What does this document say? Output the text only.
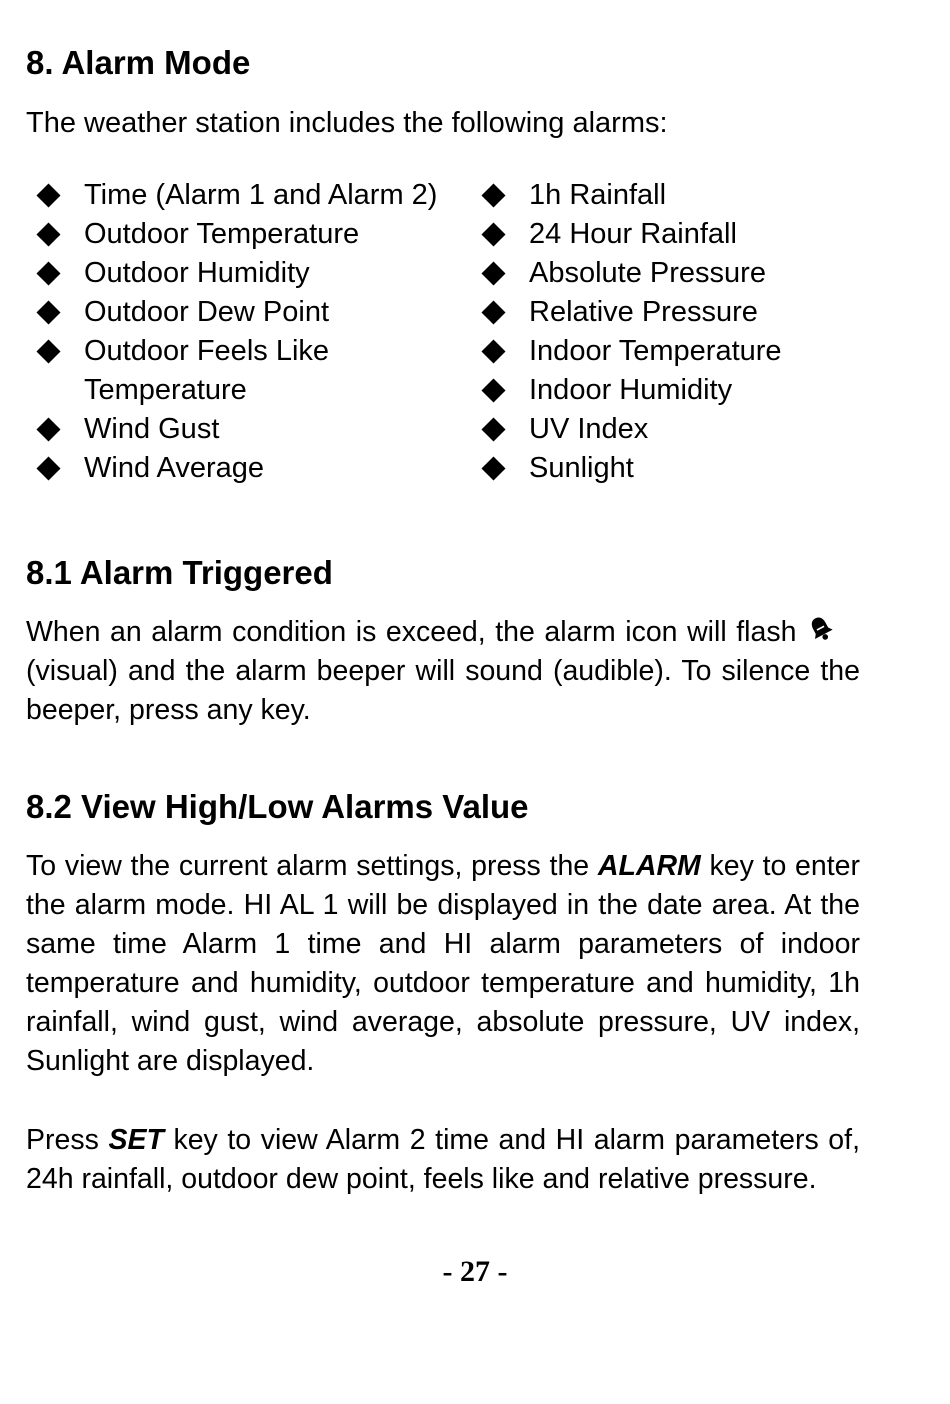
8. Alarm Mode

The weather station includes the following alarms:

Time (Alarm 1 and Alarm 2)
Outdoor Temperature
Outdoor Humidity
Outdoor Dew Point
Outdoor Feels Like Temperature
Wind Gust
Wind Average
1h Rainfall
24 Hour Rainfall
Absolute Pressure
Relative Pressure
Indoor Temperature
Indoor Humidity
UV Index
Sunlight
8.1 Alarm Triggered

When an alarm condition is exceed, the alarm icon will flash (visual) and the alarm beeper will sound (audible). To silence the beeper, press any key.

8.2 View High/Low Alarms Value

To view the current alarm settings, press the ALARM key to enter the alarm mode. HI AL 1 will be displayed in the date area. At the same time Alarm 1 time and HI alarm parameters of indoor temperature and humidity, outdoor temperature and humidity, 1h rainfall, wind gust, wind average, absolute pressure, UV index, Sunlight are displayed.

Press SET key to view Alarm 2 time and HI alarm parameters of, 24h rainfall, outdoor dew point, feels like and relative pressure.

- 27 -
